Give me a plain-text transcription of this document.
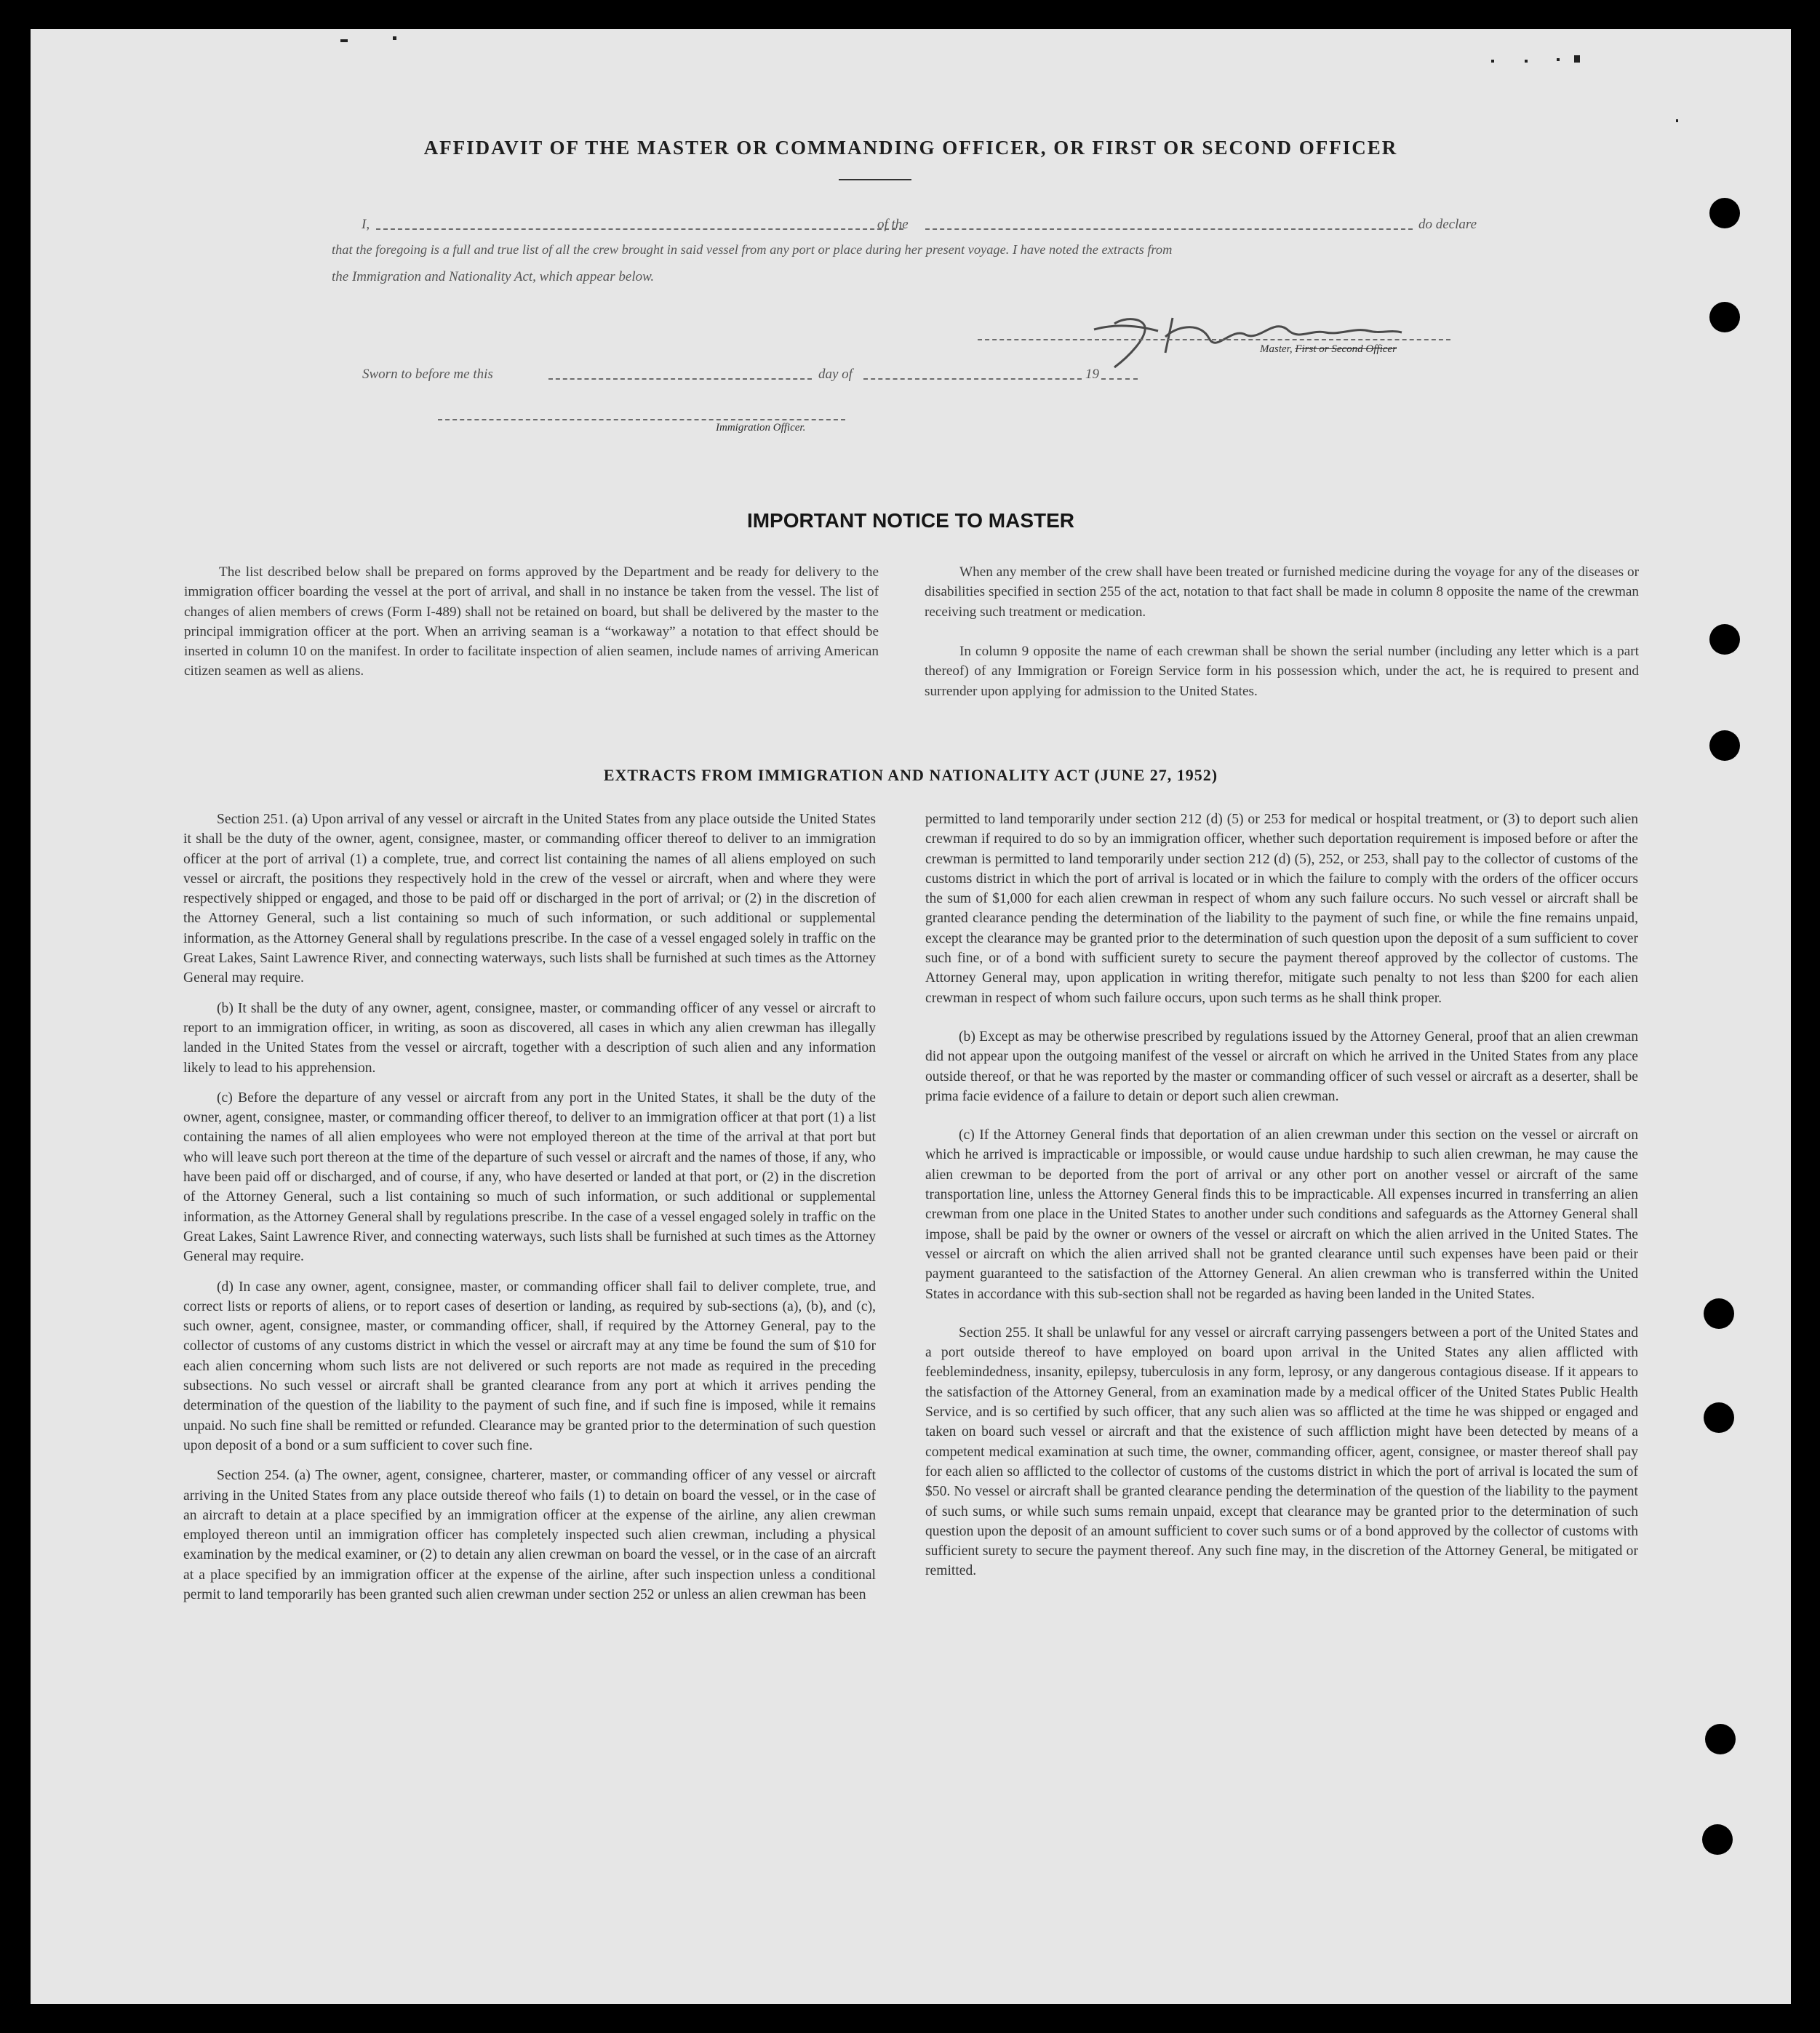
AFFIDAVIT OF THE MASTER OR COMMANDING OFFICER, OR FIRST OR SECOND OFFICER
I,	of the	do declare
that the foregoing is a full and true list of all the crew brought in said vessel from any port or place during her present voyage. I have noted the extracts from
the Immigration and Nationality Act, which appear below.
Master, First or Second Officer
Sworn to before me this	day of	19
Immigration Officer.
IMPORTANT NOTICE TO MASTER

The list described below shall be prepared on forms approved by the Department and be ready for delivery to the immigration officer boarding the vessel at the port of arrival, and shall in no instance be taken from the vessel. The list of changes of alien members of crews (Form I-489) shall not be retained on board, but shall be delivered by the master to the principal immigration officer at the port. When an arriving seaman is a “workaway” a notation to that effect should be inserted in column 10 on the manifest. In order to facilitate inspection of alien seamen, include names of arriving American citizen seamen as well as aliens.

When any member of the crew shall have been treated or furnished medicine during the voyage for any of the diseases or disabilities specified in section 255 of the act, notation to that fact shall be made in column 8 opposite the name of the crewman receiving such treatment or medication.

In column 9 opposite the name of each crewman shall be shown the serial number (including any letter which is a part thereof) of any Immigration or Foreign Service form in his possession which, under the act, he is required to present and surrender upon applying for admission to the United States.

EXTRACTS FROM IMMIGRATION AND NATIONALITY ACT (JUNE 27, 1952)

Section 251. (a) Upon arrival of any vessel or aircraft in the United States from any place outside the United States it shall be the duty of the owner, agent, consignee, master, or commanding officer thereof to deliver to an immigration officer at the port of arrival (1) a complete, true, and correct list containing the names of all aliens employed on such vessel or aircraft, the positions they respectively hold in the crew of the vessel or aircraft, when and where they were respectively shipped or engaged, and those to be paid off or discharged in the port of arrival; or (2) in the discretion of the Attorney General, such a list containing so much of such information, or such additional or supplemental information, as the Attorney General shall by regulations prescribe. In the case of a vessel engaged solely in traffic on the Great Lakes, Saint Lawrence River, and connecting waterways, such lists shall be furnished at such times as the Attorney General may require.

(b) It shall be the duty of any owner, agent, consignee, master, or commanding officer of any vessel or aircraft to report to an immigration officer, in writing, as soon as discovered, all cases in which any alien crewman has illegally landed in the United States from the vessel or aircraft, together with a description of such alien and any information likely to lead to his apprehension.

(c) Before the departure of any vessel or aircraft from any port in the United States, it shall be the duty of the owner, agent, consignee, master, or commanding officer thereof, to deliver to an immigration officer at that port (1) a list containing the names of all alien employees who were not employed thereon at the time of the arrival at that port but who will leave such port thereon at the time of the departure of such vessel or aircraft and the names of those, if any, who have been paid off or discharged, and of course, if any, who have deserted or landed at that port, or (2) in the discretion of the Attorney General, such a list containing so much of such information, or such additional or supplemental information, as the Attorney General shall by regulations prescribe. In the case of a vessel engaged solely in traffic on the Great Lakes, Saint Lawrence River, and connecting waterways, such lists shall be furnished at such times as the Attorney General may require.

(d) In case any owner, agent, consignee, master, or commanding officer shall fail to deliver complete, true, and correct lists or reports of aliens, or to report cases of desertion or landing, as required by sub-sections (a), (b), and (c), such owner, agent, consignee, master, or commanding officer, shall, if required by the Attorney General, pay to the collector of customs of any customs district in which the vessel or aircraft may at any time be found the sum of $10 for each alien concerning whom such lists are not delivered or such reports are not made as required in the preceding subsections. No such vessel or aircraft shall be granted clearance from any port at which it arrives pending the determination of the question of the liability to the payment of such fine, and if such fine is imposed, while it remains unpaid. No such fine shall be remitted or refunded. Clearance may be granted prior to the determination of such question upon deposit of a bond or a sum sufficient to cover such fine.

Section 254. (a) The owner, agent, consignee, charterer, master, or commanding officer of any vessel or aircraft arriving in the United States from any place outside thereof who fails (1) to detain on board the vessel, or in the case of an aircraft to detain at a place specified by an immigration officer at the expense of the airline, any alien crewman employed thereon until an immigration officer has completely inspected such alien crewman, including a physical examination by the medical examiner, or (2) to detain any alien crewman on board the vessel, or in the case of an aircraft at a place specified by an immigration officer at the expense of the airline, after such inspection unless a conditional permit to land temporarily has been granted such alien crewman under section 252 or unless an alien crewman has been

permitted to land temporarily under section 212 (d) (5) or 253 for medical or hospital treatment, or (3) to deport such alien crewman if required to do so by an immigration officer, whether such deportation requirement is imposed before or after the crewman is permitted to land temporarily under section 212 (d) (5), 252, or 253, shall pay to the collector of customs of the customs district in which the port of arrival is located or in which the failure to comply with the orders of the officer occurs the sum of $1,000 for each alien crewman in respect of whom any such failure occurs. No such vessel or aircraft shall be granted clearance pending the determination of the liability to the payment of such fine, or while the fine remains unpaid, except the clearance may be granted prior to the determination of such question upon the deposit of a sum sufficient to cover such fine, or of a bond with sufficient surety to secure the payment thereof approved by the collector of customs. The Attorney General may, upon application in writing therefor, mitigate such penalty to not less than $200 for each alien crewman in respect of whom such failure occurs, upon such terms as he shall think proper.

(b) Except as may be otherwise prescribed by regulations issued by the Attorney General, proof that an alien crewman did not appear upon the outgoing manifest of the vessel or aircraft on which he arrived in the United States from any place outside thereof, or that he was reported by the master or commanding officer of such vessel or aircraft as a deserter, shall be prima facie evidence of a failure to detain or deport such alien crewman.

(c) If the Attorney General finds that deportation of an alien crewman under this section on the vessel or aircraft on which he arrived is impracticable or impossible, or would cause undue hardship to such alien crewman, he may cause the alien crewman to be deported from the port of arrival or any other port on another vessel or aircraft of the same transportation line, unless the Attorney General finds this to be impracticable. All expenses incurred in transferring an alien crewman from one place in the United States to another under such conditions and safeguards as the Attorney General shall impose, shall be paid by the owner or owners of the vessel or aircraft on which the alien arrived in the United States. The vessel or aircraft on which the alien arrived shall not be granted clearance until such expenses have been paid or their payment guaranteed to the satisfaction of the Attorney General. An alien crewman who is transferred within the United States in accordance with this sub-section shall not be regarded as having been landed in the United States.

Section 255. It shall be unlawful for any vessel or aircraft carrying passengers between a port of the United States and a port outside thereof to have employed on board upon arrival in the United States any alien afflicted with feeblemindedness, insanity, epilepsy, tuberculosis in any form, leprosy, or any dangerous contagious disease. If it appears to the satisfaction of the Attorney General, from an examination made by a medical officer of the United States Public Health Service, and is so certified by such officer, that any such alien was so afflicted at the time he was shipped or engaged and taken on board such vessel or aircraft and that the existence of such affliction might have been detected by means of a competent medical examination at such time, the owner, commanding officer, agent, consignee, or master thereof shall pay for each alien so afflicted to the collector of customs of the customs district in which the port of arrival is located the sum of $50. No vessel or aircraft shall be granted clearance pending the determination of the question of the liability to the payment of such sums, or while such sums remain unpaid, except that clearance may be granted prior to the determination of such question upon the deposit of an amount sufficient to cover such sums or of a bond approved by the collector of customs with sufficient surety to secure the payment thereof. Any such fine may, in the discretion of the Attorney General, be mitigated or remitted.
